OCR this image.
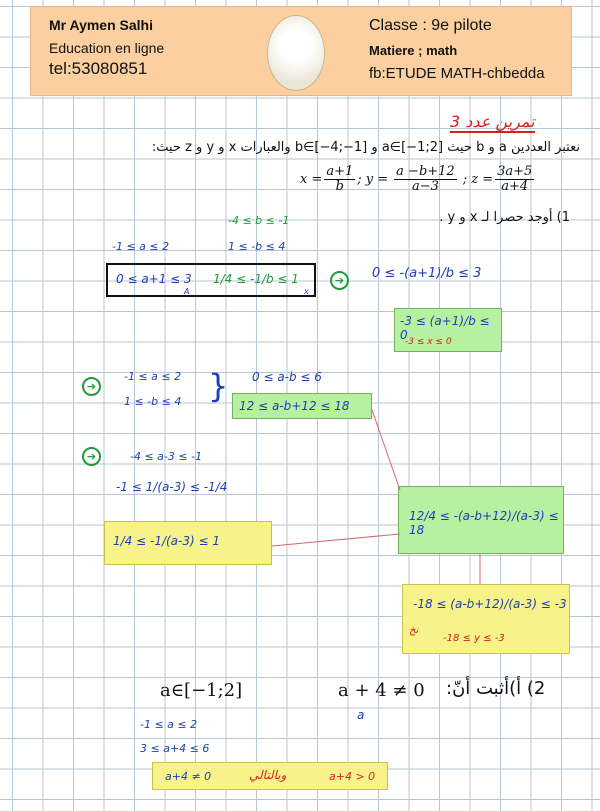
Mr Aymen Salhi
Education en ligne
tel:53080851
Classe : 9e pilote
Matiere ; math
fb:ETUDE MATH-chbedda
تمرين عدد 3
نعتبر العددين a و b حيث a∈[−1;2] و b∈[−4;−1] والعبارات x و y و z حيث:
$x = \frac{a+1}{b}$ ; $y = \frac{a -b+12}{a-3}$ ; $z = \frac{3a+5}{a+4}$
1) أوجد حصرا لـ x و y .
-4 ≤ b ≤ -1
-1 ≤ a ≤ 2	1 ≤ -b ≤ 4
0 ≤ a+1 ≤ 3 1/4 ≤ -1/b ≤ 1
A	x
➔	0 ≤ -(a+1)/b ≤ 3
-3 ≤ (a+1)/b ≤ 0
-3 ≤ x ≤ 0
➔
-1 ≤ a ≤ 2
1 ≤ -b ≤ 4 } 0 ≤ a-b ≤ 6
12 ≤ a-b+12 ≤ 18
➔	-4 ≤ a-3 ≤ -1
-1 ≤ 1/(a-3) ≤ -1/4
1/4 ≤ -1/(a-3) ≤ 1
12/4 ≤ -(a-b+12)/(a-3) ≤ 18
-18 ≤ (a-b+12)/(a-3) ≤ -3
-18 ≤ y ≤ -3
نخ
a∈[−1;2]	a + 4 ≠ 0 2) أ)أثبت أنّ:
a
-1 ≤ a ≤ 2
3 ≤ a+4 ≤ 6
a+4 ≠ 0	وبالتالي	a+4 > 0
